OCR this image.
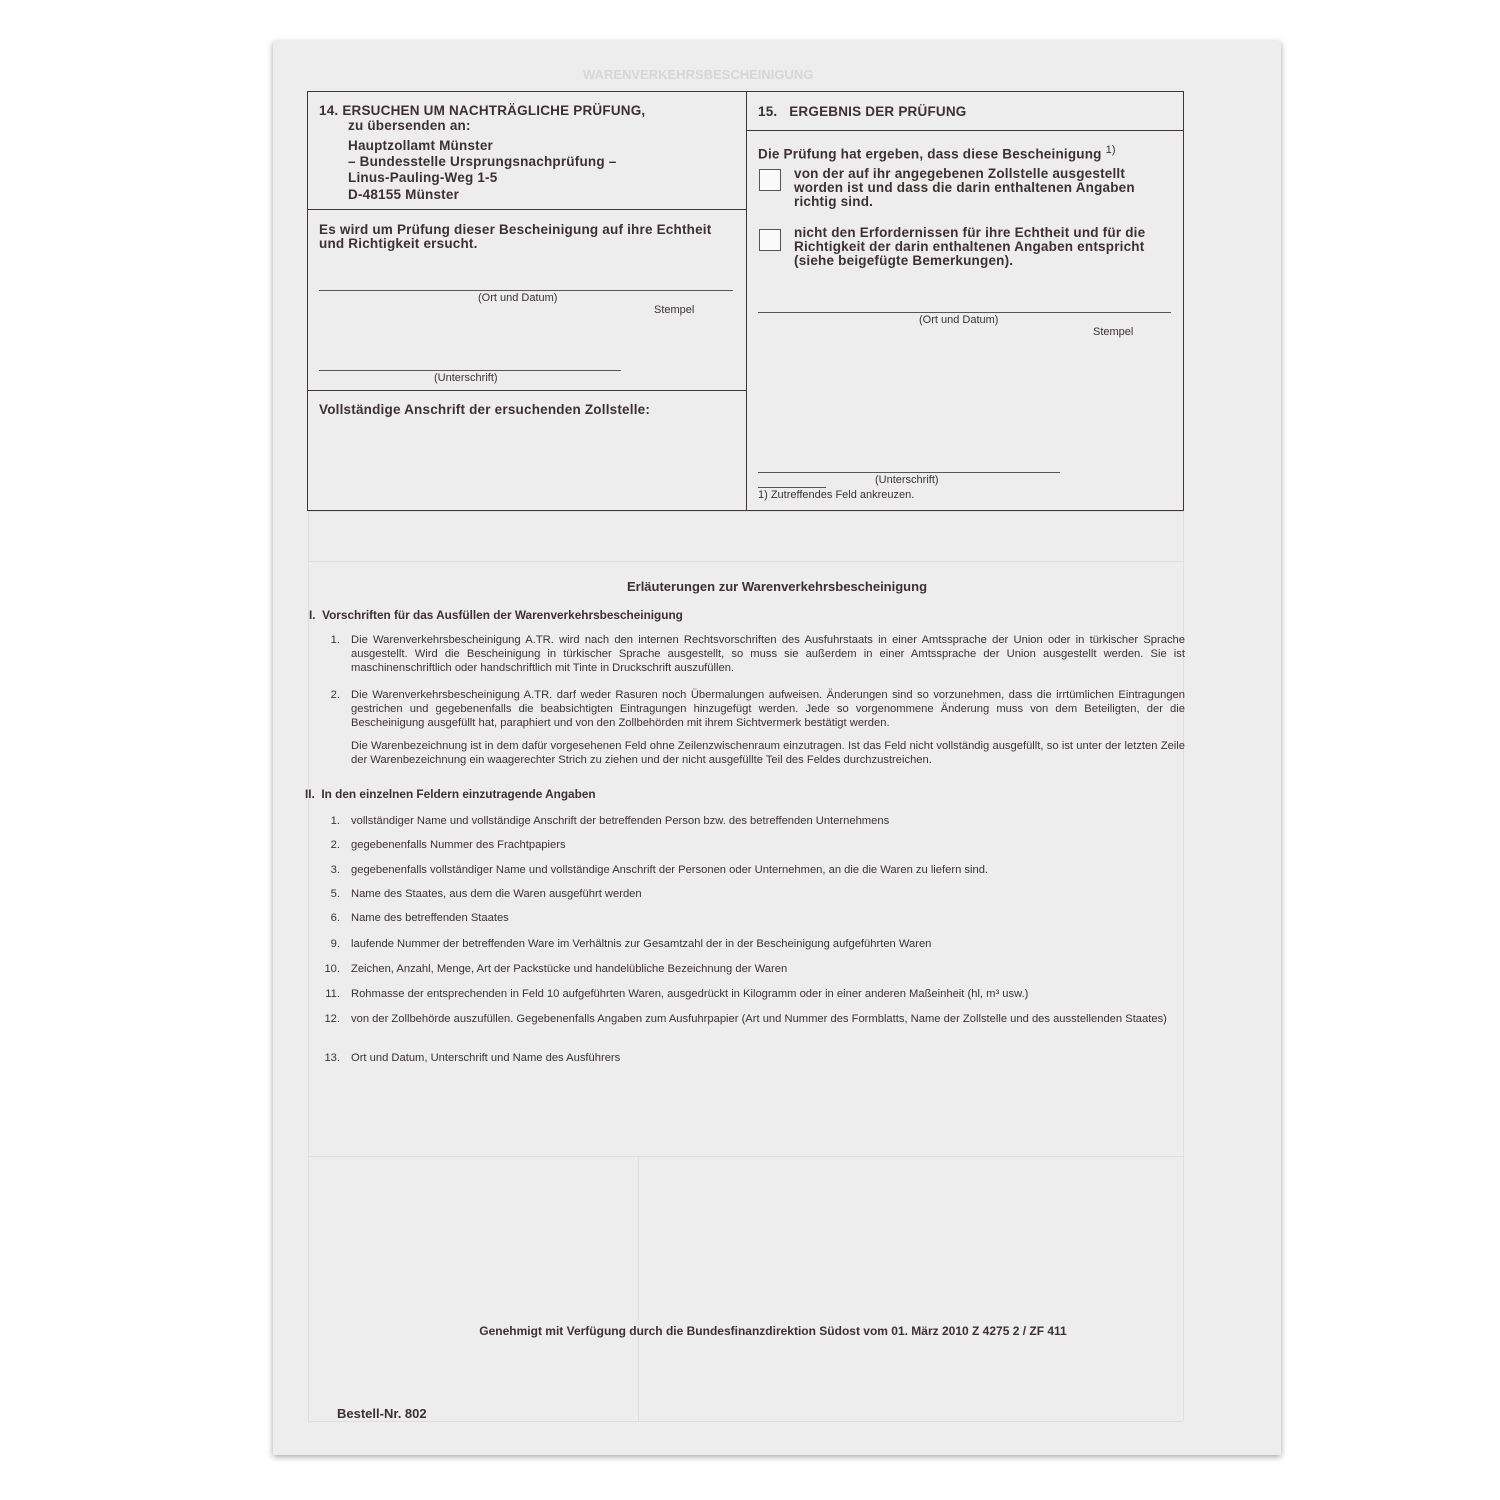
WARENVERKEHRSBESCHEINIGUNG
14. ERSUCHEN UM NACHTRÄGLICHE PRÜFUNG,
zu übersenden an:
Hauptzollamt Münster
– Bundesstelle Ursprungsnachprüfung –
Linus-Pauling-Weg 1-5
D-48155 Münster
Es wird um Prüfung dieser Bescheinigung auf ihre Echtheit
und Richtigkeit ersucht.
(Ort und Datum)
Stempel
(Unterschrift)
Vollständige Anschrift der ersuchenden Zollstelle:
15.   ERGEBNIS DER PRÜFUNG
Die Prüfung hat ergeben, dass diese Bescheinigung $^{1)}$
von der auf ihr angegebenen Zollstelle ausgestellt
worden ist und dass die darin enthaltenen Angaben
richtig sind.
nicht den Erfordernissen für ihre Echtheit und für die
Richtigkeit der darin enthaltenen Angaben entspricht
(siehe beigefügte Bemerkungen).
(Ort und Datum)
Stempel
(Unterschrift)
1) Zutreffendes Feld ankreuzen.
Erläuterungen zur Warenverkehrsbescheinigung
I.  Vorschriften für das Ausfüllen der Warenverkehrsbescheinigung
1. Die Warenverkehrsbescheinigung A.TR. wird nach den internen Rechtsvorschriften des Ausfuhrstaats in einer Amtssprache der Union oder in türkischer Sprache ausgestellt. Wird die Bescheinigung in türkischer Sprache ausgestellt, so muss sie außerdem in einer Amtssprache der Union ausgestellt werden. Sie ist maschinenschriftlich oder handschriftlich mit Tinte in Druckschrift auszufüllen.
2. Die Warenverkehrsbescheinigung A.TR. darf weder Rasuren noch Übermalungen aufweisen. Änderungen sind so vorzunehmen, dass die irrtümlichen Eintragungen gestrichen und gegebenenfalls die beabsichtigten Eintragungen hinzugefügt werden. Jede so vorgenommene Änderung muss von dem Beteiligten, der die Bescheinigung ausgefüllt hat, paraphiert und von den Zollbehörden mit ihrem Sichtvermerk bestätigt werden.
Die Warenbezeichnung ist in dem dafür vorgesehenen Feld ohne Zeilenzwischenraum einzutragen. Ist das Feld nicht vollständig ausgefüllt, so ist unter der letzten Zeile der Warenbezeichnung ein waagerechter Strich zu ziehen und der nicht ausgefüllte Teil des Feldes durchzustreichen.
II.  In den einzelnen Feldern einzutragende Angaben
1. vollständiger Name und vollständige Anschrift der betreffenden Person bzw. des betreffenden Unternehmens
2. gegebenenfalls Nummer des Frachtpapiers
3. gegebenenfalls vollständiger Name und vollständige Anschrift der Personen oder Unternehmen, an die die Waren zu liefern sind.
5. Name des Staates, aus dem die Waren ausgeführt werden
6. Name des betreffenden Staates
9. laufende Nummer der betreffenden Ware im Verhältnis zur Gesamtzahl der in der Bescheinigung aufgeführten Waren
10. Zeichen, Anzahl, Menge, Art der Packstücke und handelübliche Bezeichnung der Waren
11. Rohmasse der entsprechenden in Feld 10 aufgeführten Waren, ausgedrückt in Kilogramm oder in einer anderen Maßeinheit (hl, m³ usw.)
12. von der Zollbehörde auszufüllen. Gegebenenfalls Angaben zum Ausfuhrpapier (Art und Nummer des Formblatts, Name der Zollstelle und des ausstellenden Staates)
13. Ort und Datum, Unterschrift und Name des Ausführers
Genehmigt mit Verfügung durch die Bundesfinanzdirektion Südost vom 01. März 2010 Z 4275 2 / ZF 411
Bestell-Nr. 802
